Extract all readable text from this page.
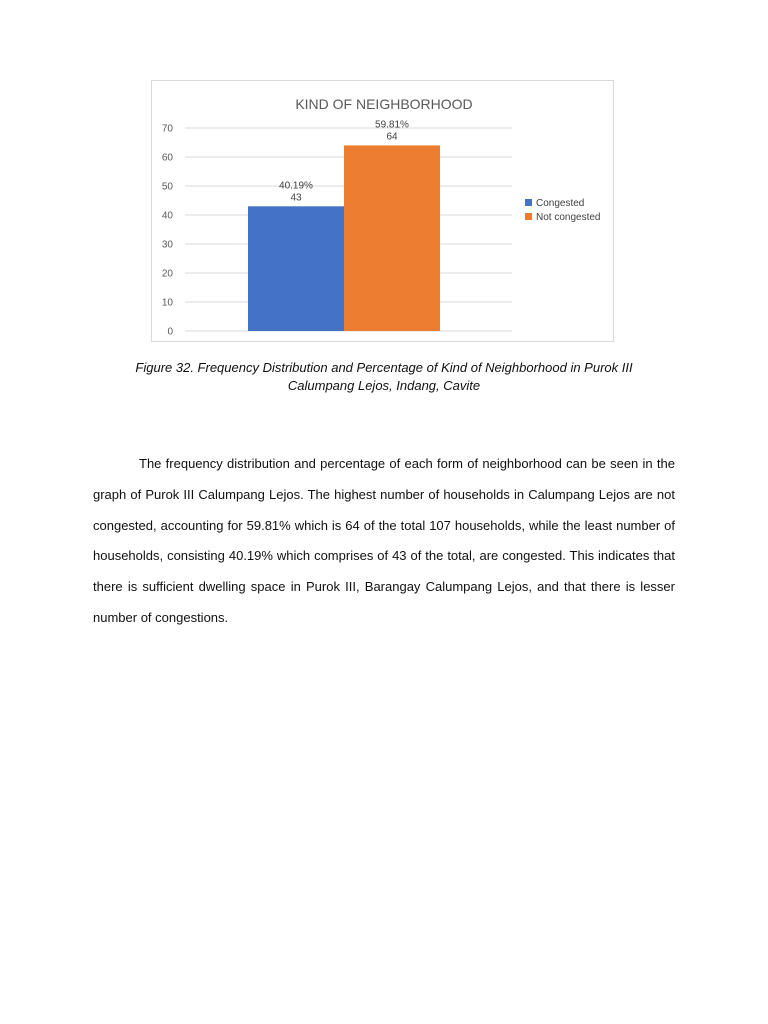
KIND OF NEIGHBORHOOD
0
10
20
30
40
50
60
70
40.19%
43
59.81%
64
Congested
Not congested
Figure 32. Frequency Distribution and Percentage of Kind of Neighborhood in Purok III
Calumpang Lejos, Indang, Cavite

The frequency distribution and percentage of each form of neighborhood can be seen in the graph of Purok III Calumpang Lejos. The highest number of households in Calumpang Lejos are not congested, accounting for 59.81% which is 64 of the total 107 households, while the least number of households, consisting 40.19% which comprises of 43 of the total, are congested. This indicates that there is sufficient dwelling space in Purok III, Barangay Calumpang Lejos, and that there is lesser number of congestions.
